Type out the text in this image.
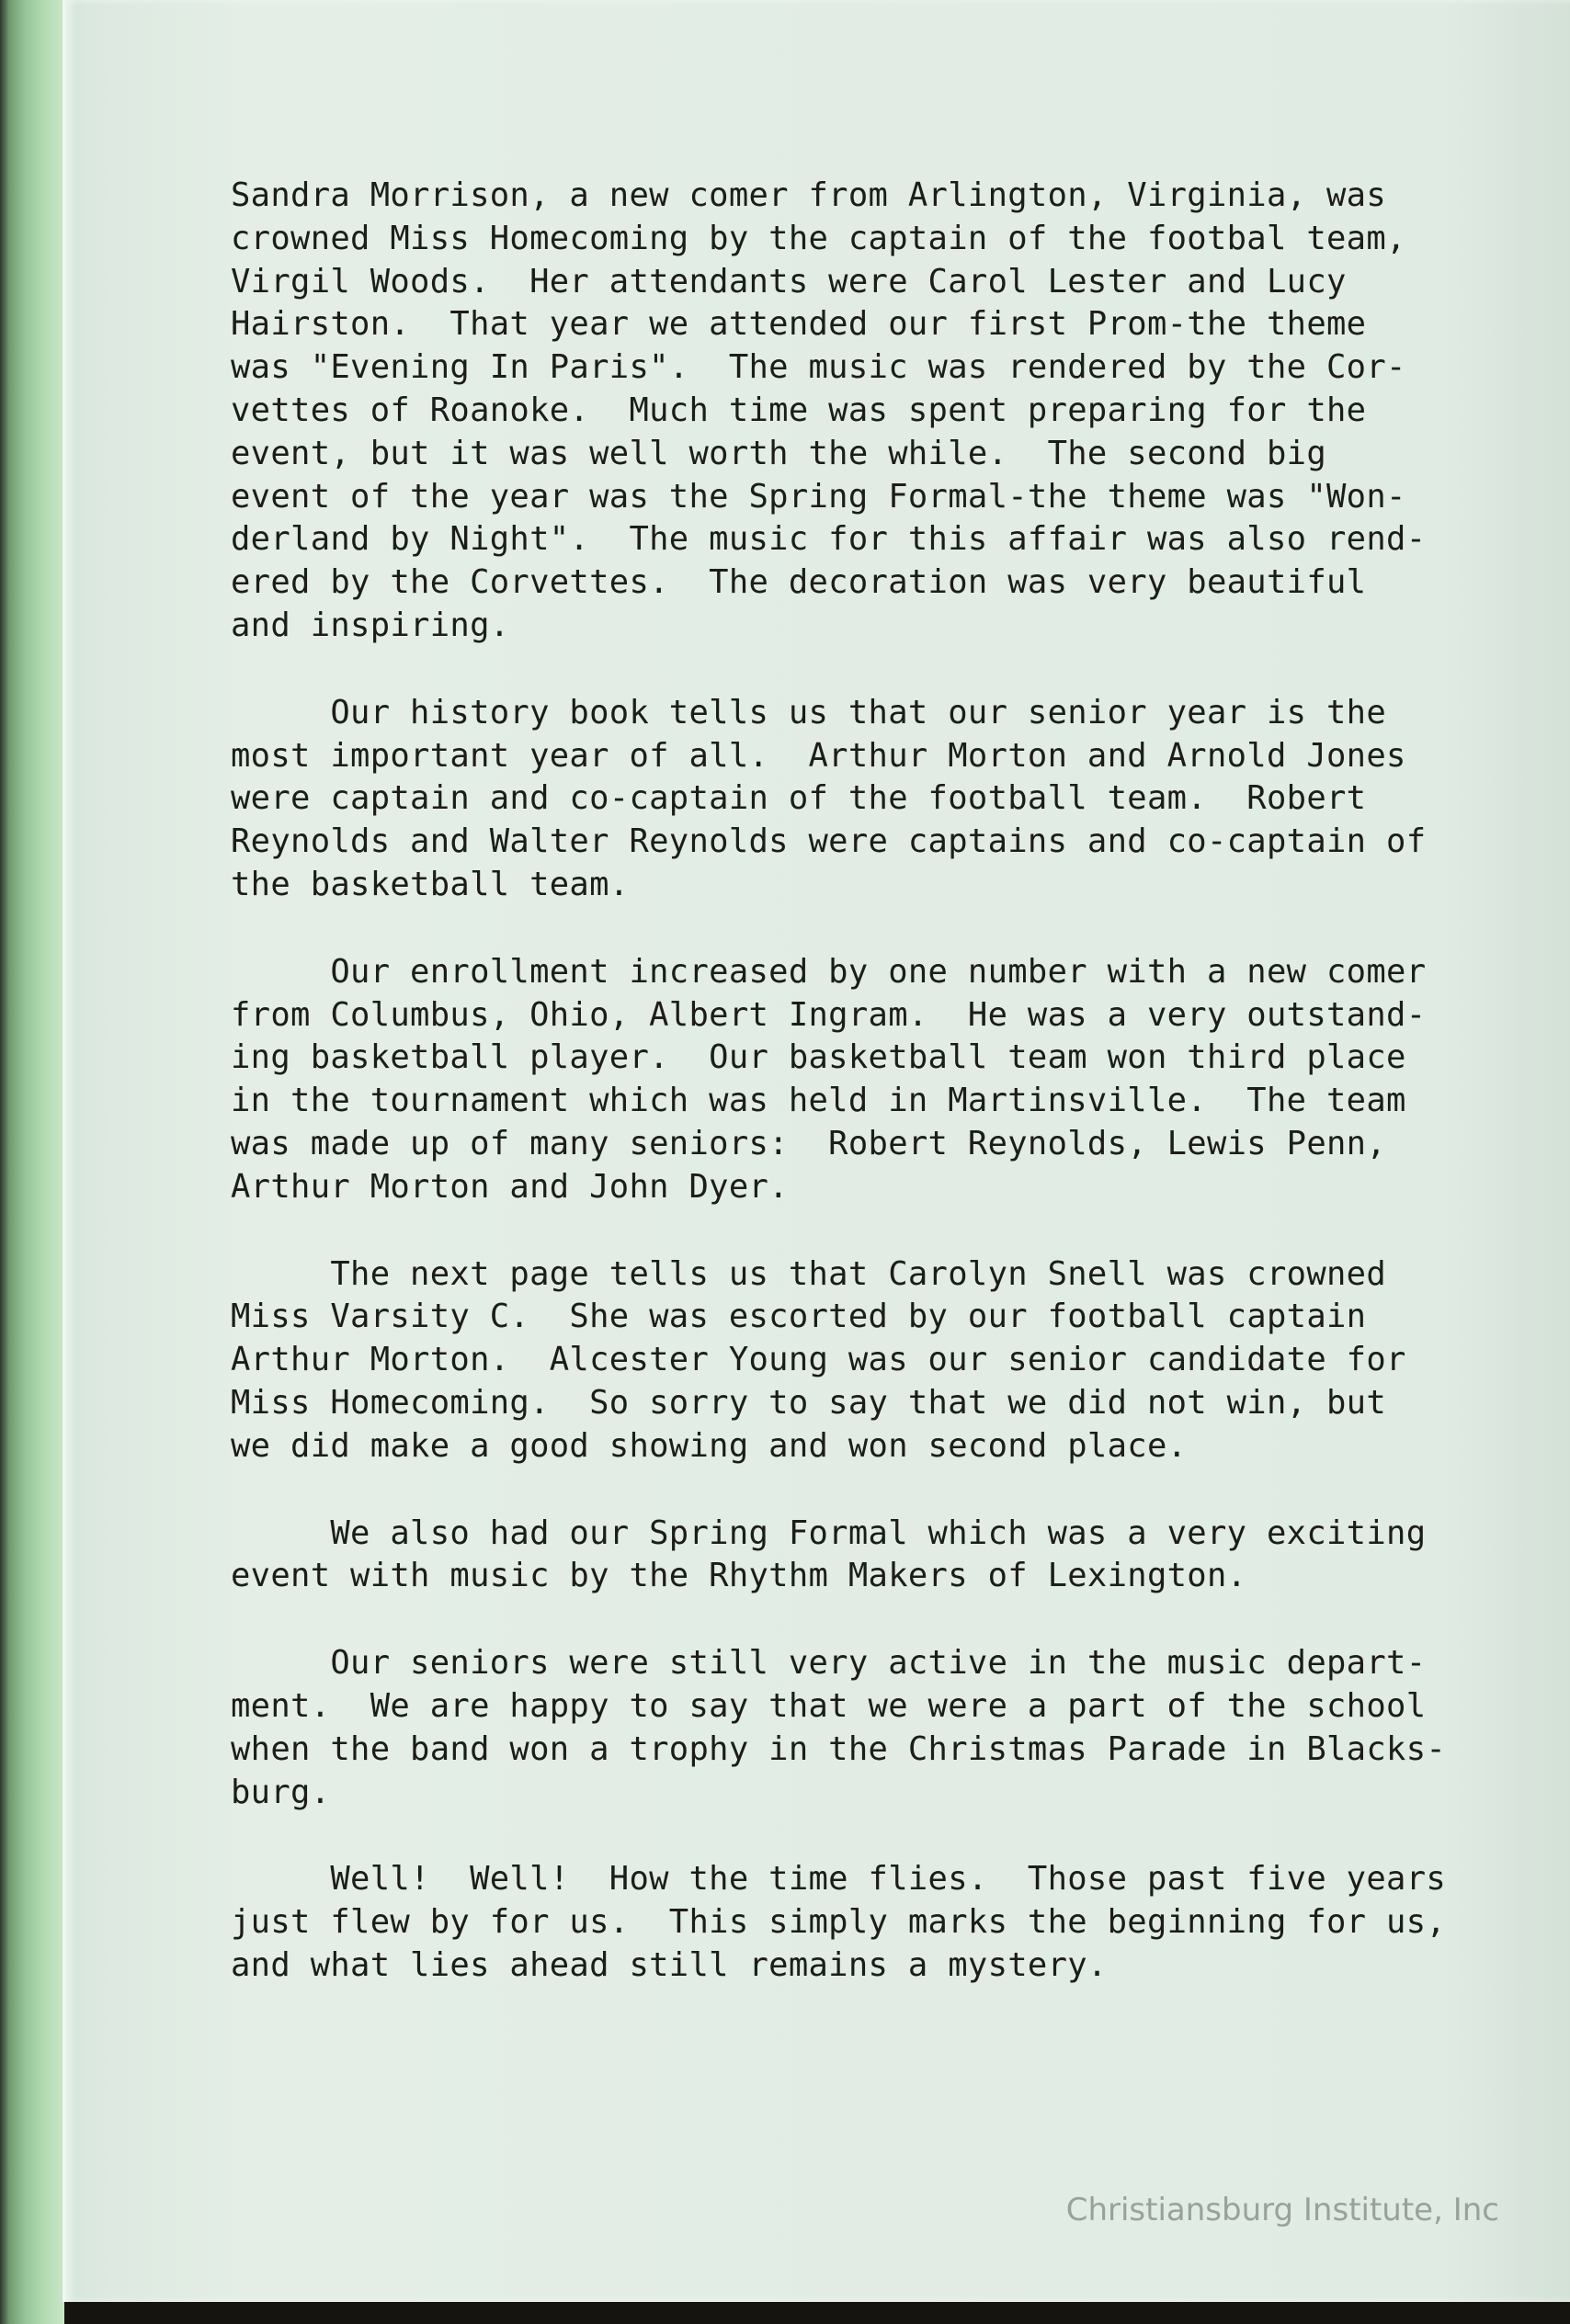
Sandra Morrison, a new comer from Arlington, Virginia, was
crowned Miss Homecoming by the captain of the footbal team,
Virgil Woods.  Her attendants were Carol Lester and Lucy
Hairston.  That year we attended our first Prom-the theme
was "Evening In Paris".  The music was rendered by the Cor-
vettes of Roanoke.  Much time was spent preparing for the
event, but it was well worth the while.  The second big
event of the year was the Spring Formal-the theme was "Won-
derland by Night".  The music for this affair was also rend-
ered by the Corvettes.  The decoration was very beautiful
and inspiring.
Our history book tells us that our senior year is the
most important year of all.  Arthur Morton and Arnold Jones
were captain and co-captain of the football team.  Robert
Reynolds and Walter Reynolds were captains and co-captain of
the basketball team.
Our enrollment increased by one number with a new comer
from Columbus, Ohio, Albert Ingram.  He was a very outstand-
ing basketball player.  Our basketball team won third place
in the tournament which was held in Martinsville.  The team
was made up of many seniors:  Robert Reynolds, Lewis Penn,
Arthur Morton and John Dyer.
The next page tells us that Carolyn Snell was crowned
Miss Varsity C.  She was escorted by our football captain
Arthur Morton.  Alcester Young was our senior candidate for
Miss Homecoming.  So sorry to say that we did not win, but
we did make a good showing and won second place.
We also had our Spring Formal which was a very exciting
event with music by the Rhythm Makers of Lexington.
Our seniors were still very active in the music depart-
ment.  We are happy to say that we were a part of the school
when the band won a trophy in the Christmas Parade in Blacks-
burg.
Well!  Well!  How the time flies.  Those past five years
just flew by for us.  This simply marks the beginning for us,
and what lies ahead still remains a mystery.
Christiansburg Institute, Inc
